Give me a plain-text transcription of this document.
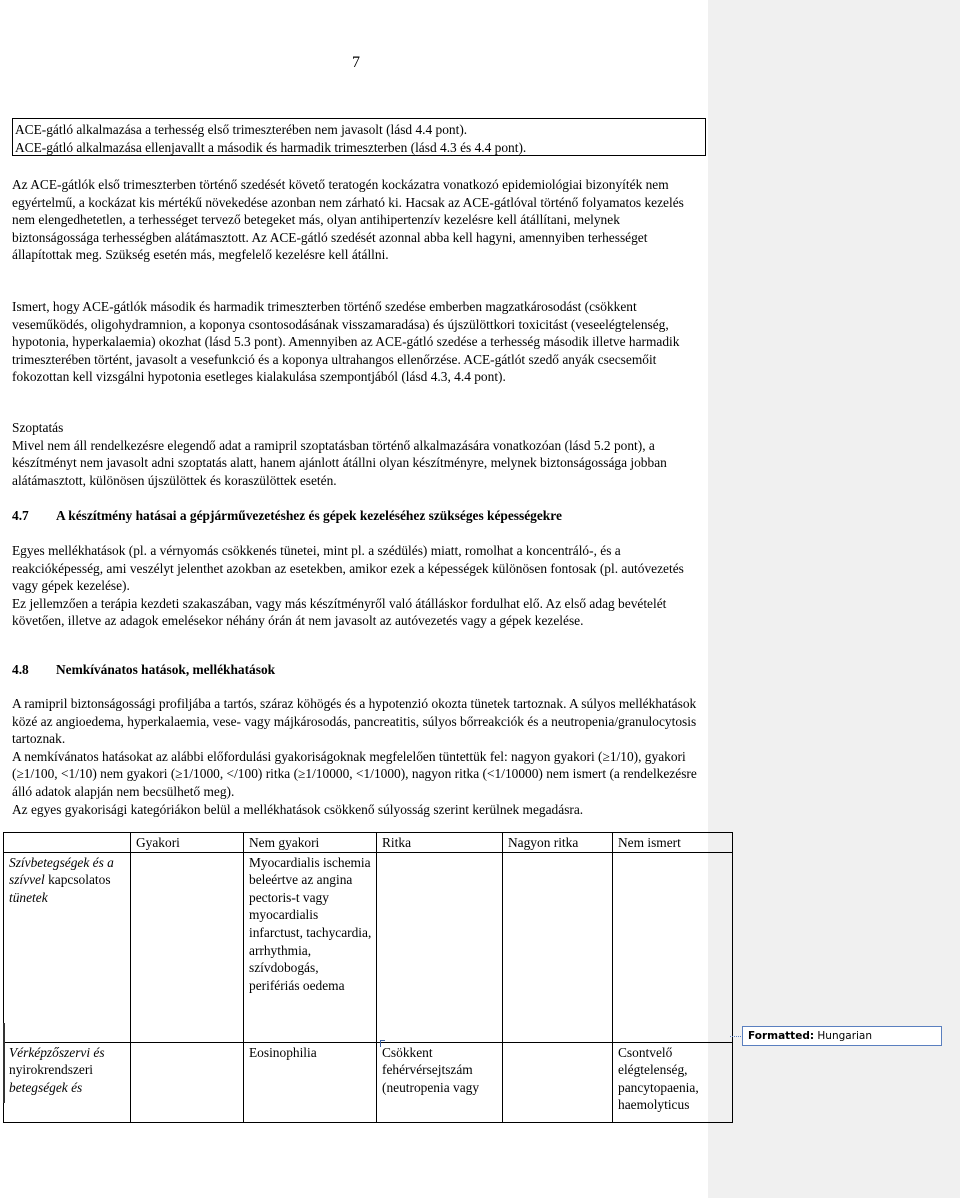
7
ACE-gátló alkalmazása a terhesség első trimeszterében nem javasolt (lásd 4.4 pont).
ACE-gátló alkalmazása ellenjavallt a második és harmadik trimeszterben (lásd 4.3 és 4.4 pont).

Az ACE-gátlók első trimeszterben történő szedését követő teratogén kockázatra vonatkozó epidemiológiai bizonyíték nem egyértelmű, a kockázat kis mértékű növekedése azonban nem zárható ki. Hacsak az ACE-gátlóval történő folyamatos kezelés nem elengedhetetlen, a terhességet tervező betegeket más, olyan antihipertenzív kezelésre kell átállítani, melynek biztonságossága terhességben alátámasztott. Az ACE-gátló szedését azonnal abba kell hagyni, amennyiben terhességet állapítottak meg. Szükség esetén más, megfelelő kezelésre kell átállni.

Ismert, hogy ACE-gátlók második és harmadik trimeszterben történő szedése emberben magzatkárosodást (csökkent veseműködés, oligohydramnion, a koponya csontosodásának visszamaradása) és újszülöttkori toxicitást (veseelégtelenség, hypotonia, hyperkalaemia) okozhat (lásd 5.3 pont). Amennyiben az ACE-gátló szedése a terhesség második illetve harmadik trimeszterében történt, javasolt a vesefunkció és a koponya ultrahangos ellenőrzése. ACE-gátlót szedő anyák csecsemőit fokozottan kell vizsgálni hypotonia esetleges kialakulása szempontjából (lásd 4.3, 4.4 pont).

Szoptatás

Mivel nem áll rendelkezésre elegendő adat a ramipril szoptatásban történő alkalmazására vonatkozóan (lásd 5.2 pont), a készítményt nem javasolt adni szoptatás alatt, hanem ajánlott átállni olyan készítményre, melynek biztonságossága jobban alátámasztott, különösen újszülöttek és koraszülöttek esetén.

4.7 A készítmény hatásai a gépjárművezetéshez és gépek kezeléséhez szükséges képességekre

Egyes mellékhatások (pl. a vérnyomás csökkenés tünetei, mint pl. a szédülés) miatt, romolhat a koncentráló-, és a reakcióképesség, ami veszélyt jelenthet azokban az esetekben, amikor ezek a képességek különösen fontosak (pl. autóvezetés vagy gépek kezelése).

Ez jellemzően a terápia kezdeti szakaszában, vagy más készítményről való átálláskor fordulhat elő. Az első adag bevételét követően, illetve az adagok emelésekor néhány órán át nem javasolt az autóvezetés vagy a gépek kezelése.

4.8 Nemkívánatos hatások, mellékhatások

A ramipril biztonságossági profiljába a tartós, száraz köhögés és a hypotenzió okozta tünetek tartoznak. A súlyos mellékhatások közé az angioedema, hyperkalaemia, vese- vagy májkárosodás, pancreatitis, súlyos bőrreakciók és a neutropenia/granulocytosis tartoznak.

A nemkívánatos hatásokat az alábbi előfordulási gyakoriságoknak megfelelően tüntettük fel: nagyon gyakori (≥1/10), gyakori (≥1/100, <1/10) nem gyakori (≥1/1000, </100) ritka (≥1/10000, <1/1000), nagyon ritka (<1/10000) nem ismert (a rendelkezésre álló adatok alapján nem becsülhető meg).

Az egyes gyakorisági kategóriákon belül a mellékhatások csökkenő súlyosság szerint kerülnek megadásra.

	Gyakori	Nem gyakori	Ritka	Nagyon ritka	Nem ismert
Szívbetegségek és a szívvel kapcsolatos tünetek		Myocardialis ischemia beleértve az angina pectoris-t vagy myocardialis infarctust, tachycardia, arrhythmia, szívdobogás, perifériás oedema			
Vérképzőszervi és nyirokrendszeri betegségek és		Eosinophilia	Csökkent fehérvérsejtszám (neutropenia vagy		Csontvelő elégtelenség, pancytopaenia, haemolyticus
Formatted: Hungarian
